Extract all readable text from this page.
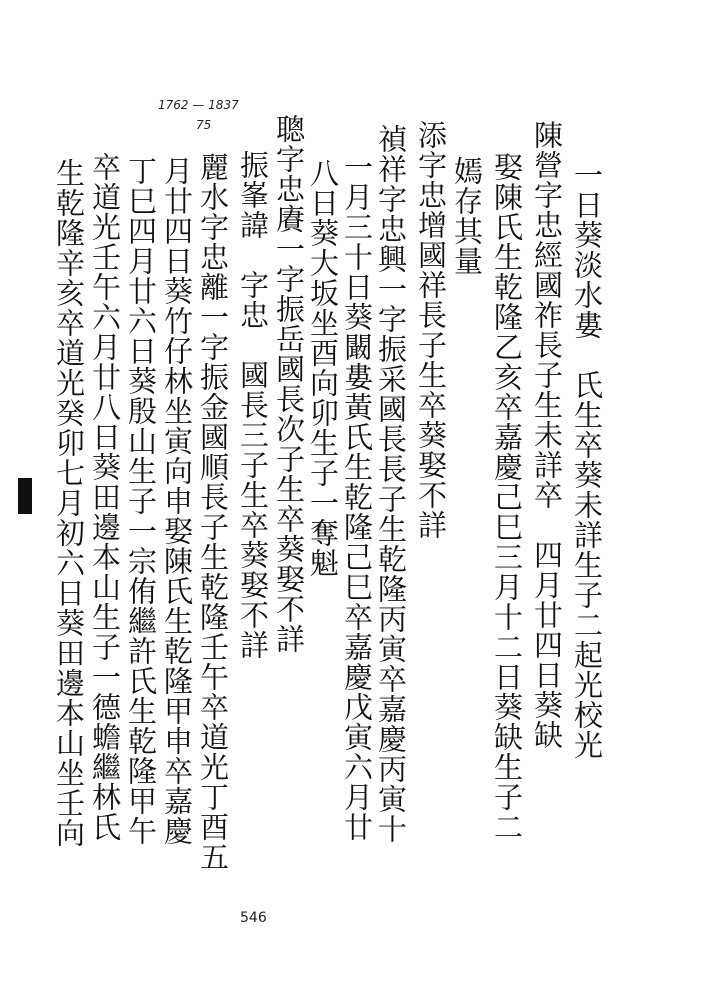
1762 — 1837
75
一日葵淡水婁　氏生卒葵未詳生子二起光校光
陳營字忠經國祚長子生未詳卒　四月廿四日葵缺
娶陳氏生乾隆乙亥卒嘉慶己巳三月十二日葵缺生子二
嫣存其量
添字忠增國祥長子生卒葵娶不詳
禎祥字忠興一字振采國長長子生乾隆丙寅卒嘉慶丙寅十
一月三十日葵闞婁黃氏生乾隆己巳卒嘉慶戊寅六月廿
八日葵大坂坐酉向卯生子一奪魁
聰字忠賡一字振岳國長次子生卒葵娶不詳
振峯諱　字忠　國長三子生卒葵娶不詳
麗水字忠離一字振金國順長子生乾隆壬午卒道光丁酉五
月廿四日葵竹仔林坐寅向申娶陳氏生乾隆甲申卒嘉慶
丁巳四月廿六日葵殷山生子一宗侑繼許氏生乾隆甲午
卒道光壬午六月廿八日葵田邊本山生子一德蟾繼林氏
生乾隆辛亥卒道光癸卯七月初六日葵田邊本山坐壬向
546
